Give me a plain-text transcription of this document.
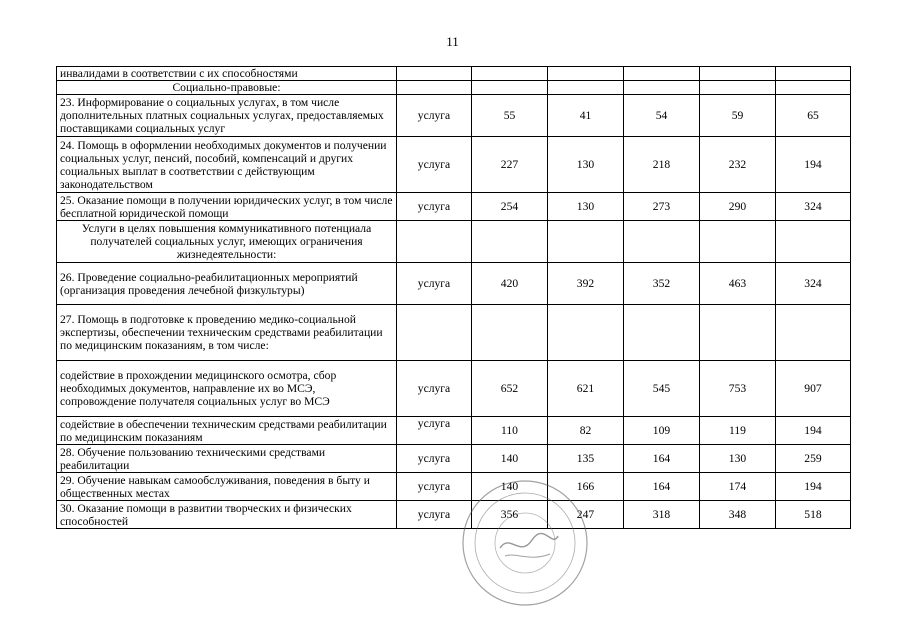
11
инвалидами в соответствии с их способностями						
Социально-правовые:						
23. Информирование о социальных услугах, в том числе дополнительных платных социальных услугах, предоставляемых поставщиками социальных услуг	услуга	55	41	54	59	65
24. Помощь в оформлении необходимых документов и получении социальных услуг, пенсий, пособий, компенсаций и других социальных выплат в соответствии с действующим законодательством	услуга	227	130	218	232	194
25. Оказание помощи в получении юридических услуг, в том числе бесплатной юридической помощи	услуга	254	130	273	290	324
Услуги в целях повышения коммуникативного потенциала получателей социальных услуг, имеющих ограничения жизнедеятельности:						
26. Проведение социально-реабилитационных мероприятий (организация проведения лечебной физкультуры)	услуга	420	392	352	463	324
27. Помощь в подготовке к проведению медико-социальной экспертизы, обеспечении техническим средствами реабилитации по медицинским показаниям, в том числе:						
содействие в прохождении медицинского осмотра, сбор необходимых документов, направление их во МСЭ, сопровождение получателя социальных услуг во МСЭ	услуга	652	621	545	753	907
содействие в обеспечении техническим средствами реабилитации по медицинским показаниям	услуга	110	82	109	119	194
28. Обучение пользованию техническими средствами реабилитации	услуга	140	135	164	130	259
29. Обучение навыкам самообслуживания, поведения в быту и общественных местах	услуга	140	166	164	174	194
30. Оказание помощи в развитии творческих и физических способностей	услуга	356	247	318	348	518
